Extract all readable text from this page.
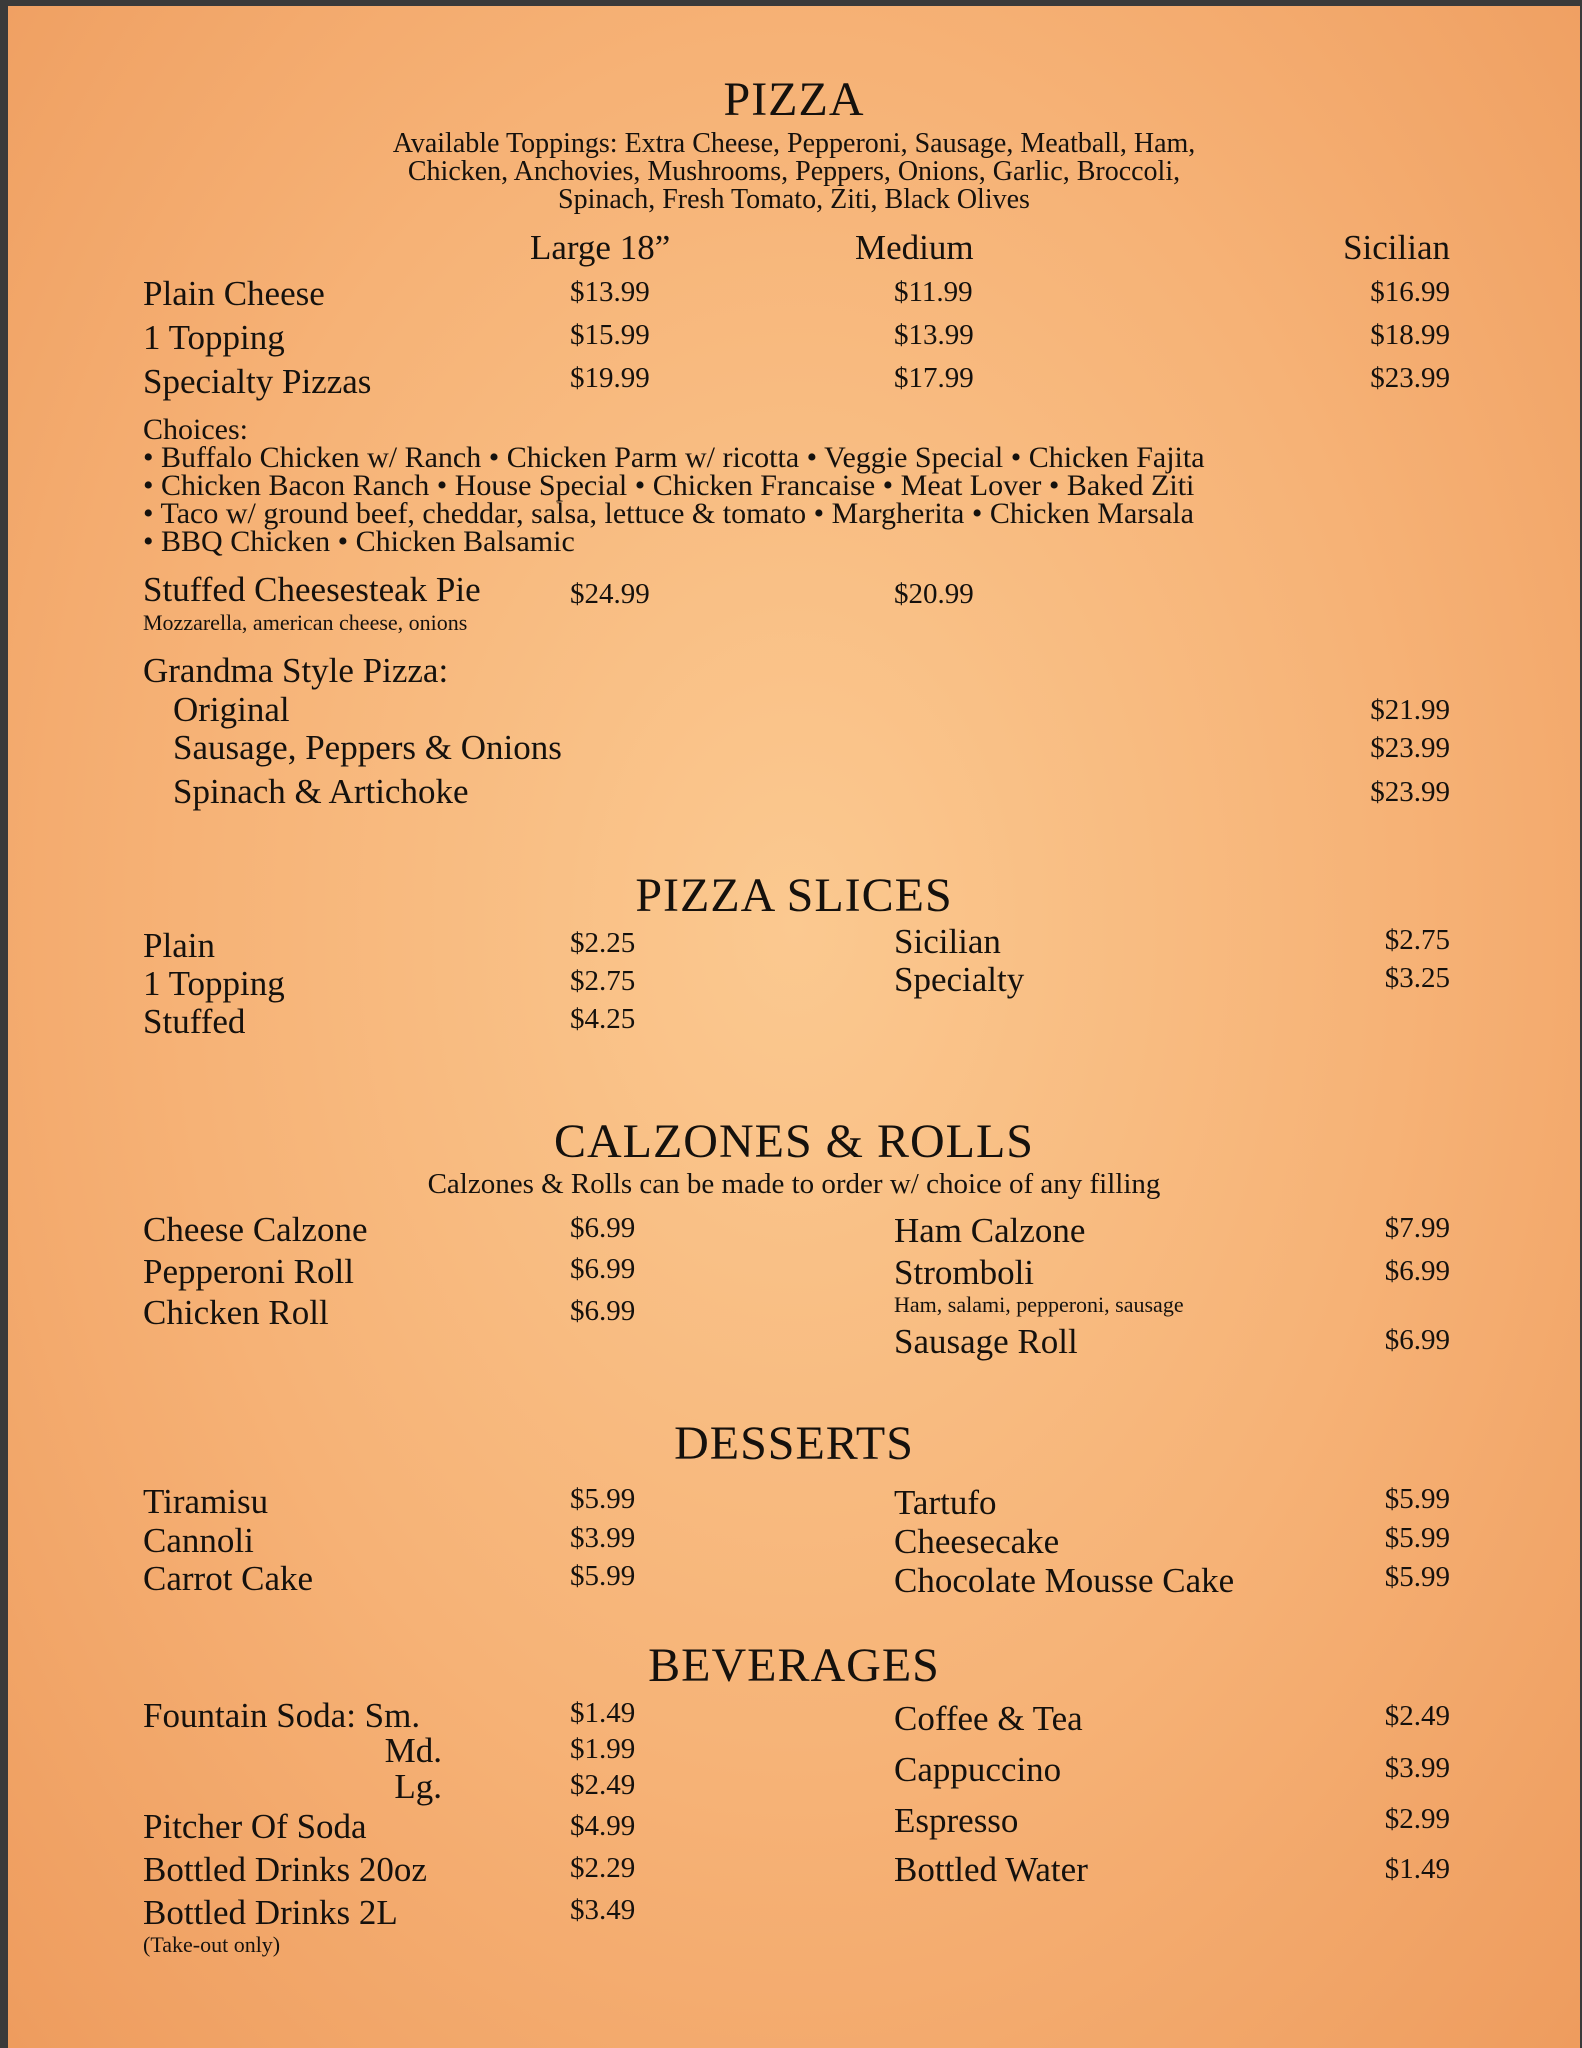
PIZZA
Available Toppings: Extra Cheese, Pepperoni, Sausage, Meatball, Ham,
Chicken, Anchovies, Mushrooms, Peppers, Onions, Garlic, Broccoli,
Spinach, Fresh Tomato, Ziti, Black Olives
Large 18”	Medium	Sicilian
Plain Cheese	$13.99	$11.99	$16.99
1 Topping	$15.99	$13.99	$18.99
Specialty Pizzas	$19.99	$17.99	$23.99
Choices:
• Buffalo Chicken w/ Ranch • Chicken Parm w/ ricotta • Veggie Special • Chicken Fajita
• Chicken Bacon Ranch • House Special • Chicken Francaise • Meat Lover • Baked Ziti
• Taco w/ ground beef, cheddar, salsa, lettuce & tomato • Margherita • Chicken Marsala
• BBQ Chicken • Chicken Balsamic
Stuffed Cheesesteak Pie
Mozzarella, american cheese, onions
$24.99	$20.99
Grandma Style Pizza:
Original	$21.99
Sausage, Peppers & Onions	$23.99
Spinach & Artichoke	$23.99
PIZZA SLICES
Plain	$2.25
1 Topping	$2.75
Stuffed	$4.25
Sicilian	$2.75
Specialty	$3.25
CALZONES & ROLLS
Calzones & Rolls can be made to order w/ choice of any filling
Cheese Calzone	$6.99
Pepperoni Roll	$6.99
Chicken Roll	$6.99
Ham Calzone	$7.99
Stromboli	$6.99
Ham, salami, pepperoni, sausage
Sausage Roll	$6.99
DESSERTS
Tiramisu	$5.99
Cannoli	$3.99
Carrot Cake	$5.99
Tartufo	$5.99
Cheesecake	$5.99
Chocolate Mousse Cake	$5.99
BEVERAGES
Fountain Soda: Sm.	$1.49
Md.	$1.99
Lg.	$2.49
Pitcher Of Soda	$4.99
Bottled Drinks 20oz	$2.29
Bottled Drinks 2L	$3.49
(Take-out only)
Coffee & Tea	$2.49
Cappuccino	$3.99
Espresso	$2.99
Bottled Water	$1.49
